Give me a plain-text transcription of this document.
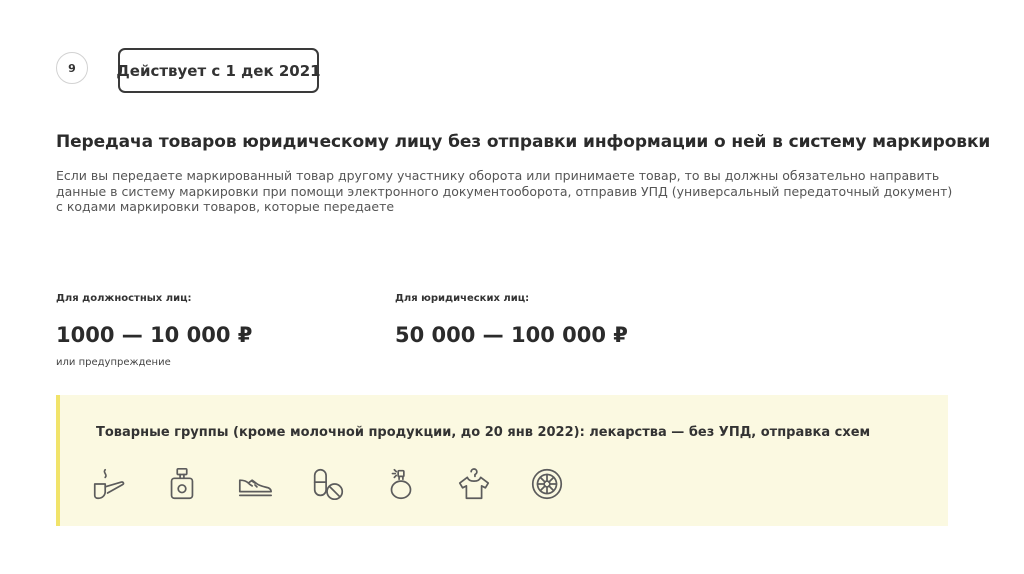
9	Действует с 1 дек 2021
Передача товаров юридическому лицу без отправки информации о ней в систему маркировки
Если вы передаете маркированный товар другому участнику оборота или принимаете товар, то вы должны обязательно направить данные в систему маркировки при помощи электронного документооборота, отправив УПД (универсальный передаточный документ) с кодами маркировки товаров, которые передаете
Для должностных лиц:
1000 — 10 000 ₽
или предупреждение
Для юридических лиц:
50 000 — 100 000 ₽
Товарные группы (кроме молочной продукции, до 20 янв 2022): лекарства — без УПД, отправка схем
